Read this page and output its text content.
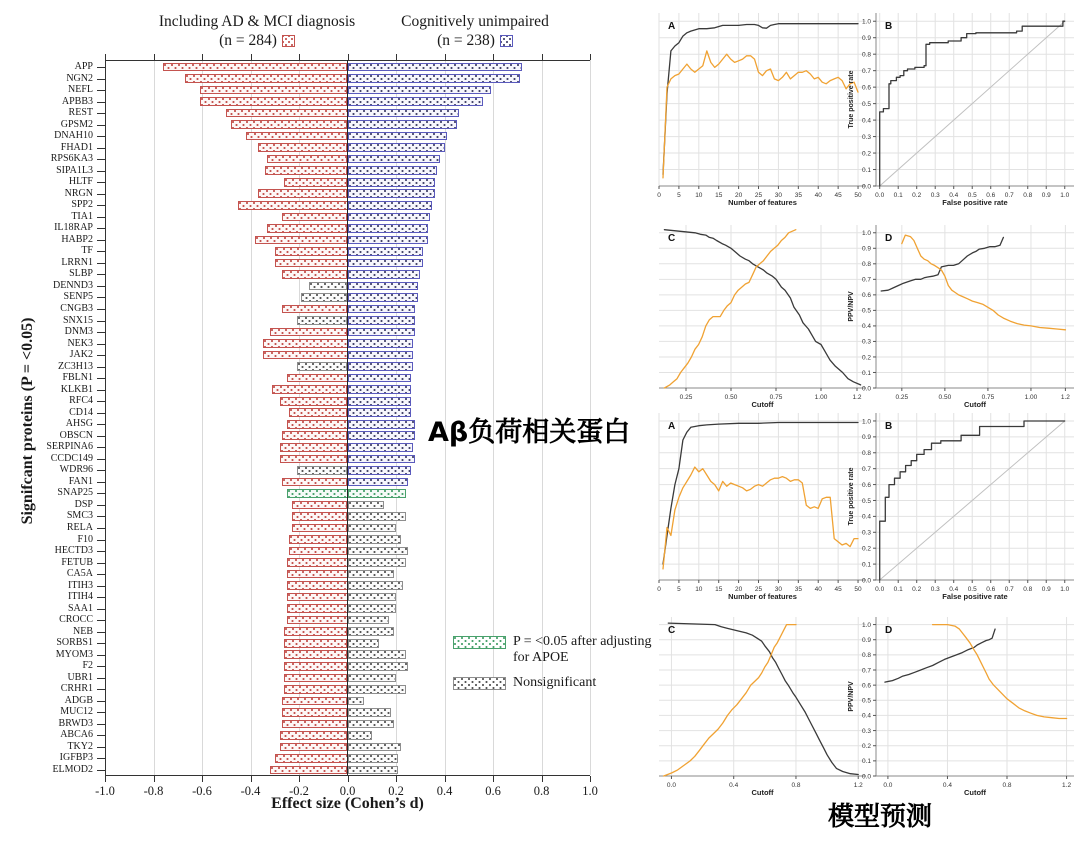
Including AD & MCI diagnosis
(n = 284)
Cognitively unimpaired
(n = 238)
Signifcant proteins (P = <0.05)
Effect size (Cohen’s d)
APP
NGN2
NEFL
APBB3
REST
GPSM2
DNAH10
FHAD1
RPS6KA3
SIPA1L3
HLTF
NRGN
SPP2
TIA1
IL18RAP
HABP2
TF
LRRN1
SLBP
DENND3
SENP5
CNGB3
SNX15
DNM3
NEK3
JAK2
ZC3H13
FBLN1
KLKB1
RFC4
CD14
AHSG
OBSCN
SERPINA6
CCDC149
WDR96
FAN1
SNAP25
DSP
SMC3
RELA
F10
HECTD3
FETUB
CA5A
ITIH3
ITIH4
SAA1
CROCC
NEB
SORBS1
MYOM3
F2
UBR1
CRHR1
ADGB
MUC12
BRWD3
ABCA6
TKY2
IGFBP3
ELMOD2
-1.0 -0.8 -0.6 -0.4 -0.2 0.0	0.2	0.4	0.6	0.8	1.0
P = <0.05 after adjusting for APOE
Nonsignificant
Aβ负荷相关蛋白
模型预测
0	5 10 15 20 25 30 35 40 45 50
Number of features
A
0.0 0.1 0.2 0.3 0.4 0.5 0.6 0.7 0.8 0.9 1.0
0.0
0.1
0.2
0.3
0.4
0.5
0.6
0.7
0.8
0.9
1.0
False positive rate
True positive rate
B
0.25	0.50	0.75	1.00	1.2
Cutoff
C
0.25	0.50	0.75	1.00	1.2
0.0
0.1
0.2
0.3
0.4
0.5
0.6
0.7
0.8
0.9
1.0
Cutoff
PPV/NPV
D
0	5 10 15 20 25 30 35 40 45 50
Number of features
A
0.0 0.1 0.2 0.3 0.4 0.5 0.6 0.7 0.8 0.9 1.0
0.0
0.1
0.2
0.3
0.4
0.5
0.6
0.7
0.8
0.9
1.0
False positive rate
True positive rate
B
0.0	0.4	0.8	1.2
Cutoff
C
0.0	0.4	0.8	1.2
0.0
0.1
0.2
0.3
0.4
0.5
0.6
0.7
0.8
0.9
1.0
Cutoff
PPV/NPV
D
